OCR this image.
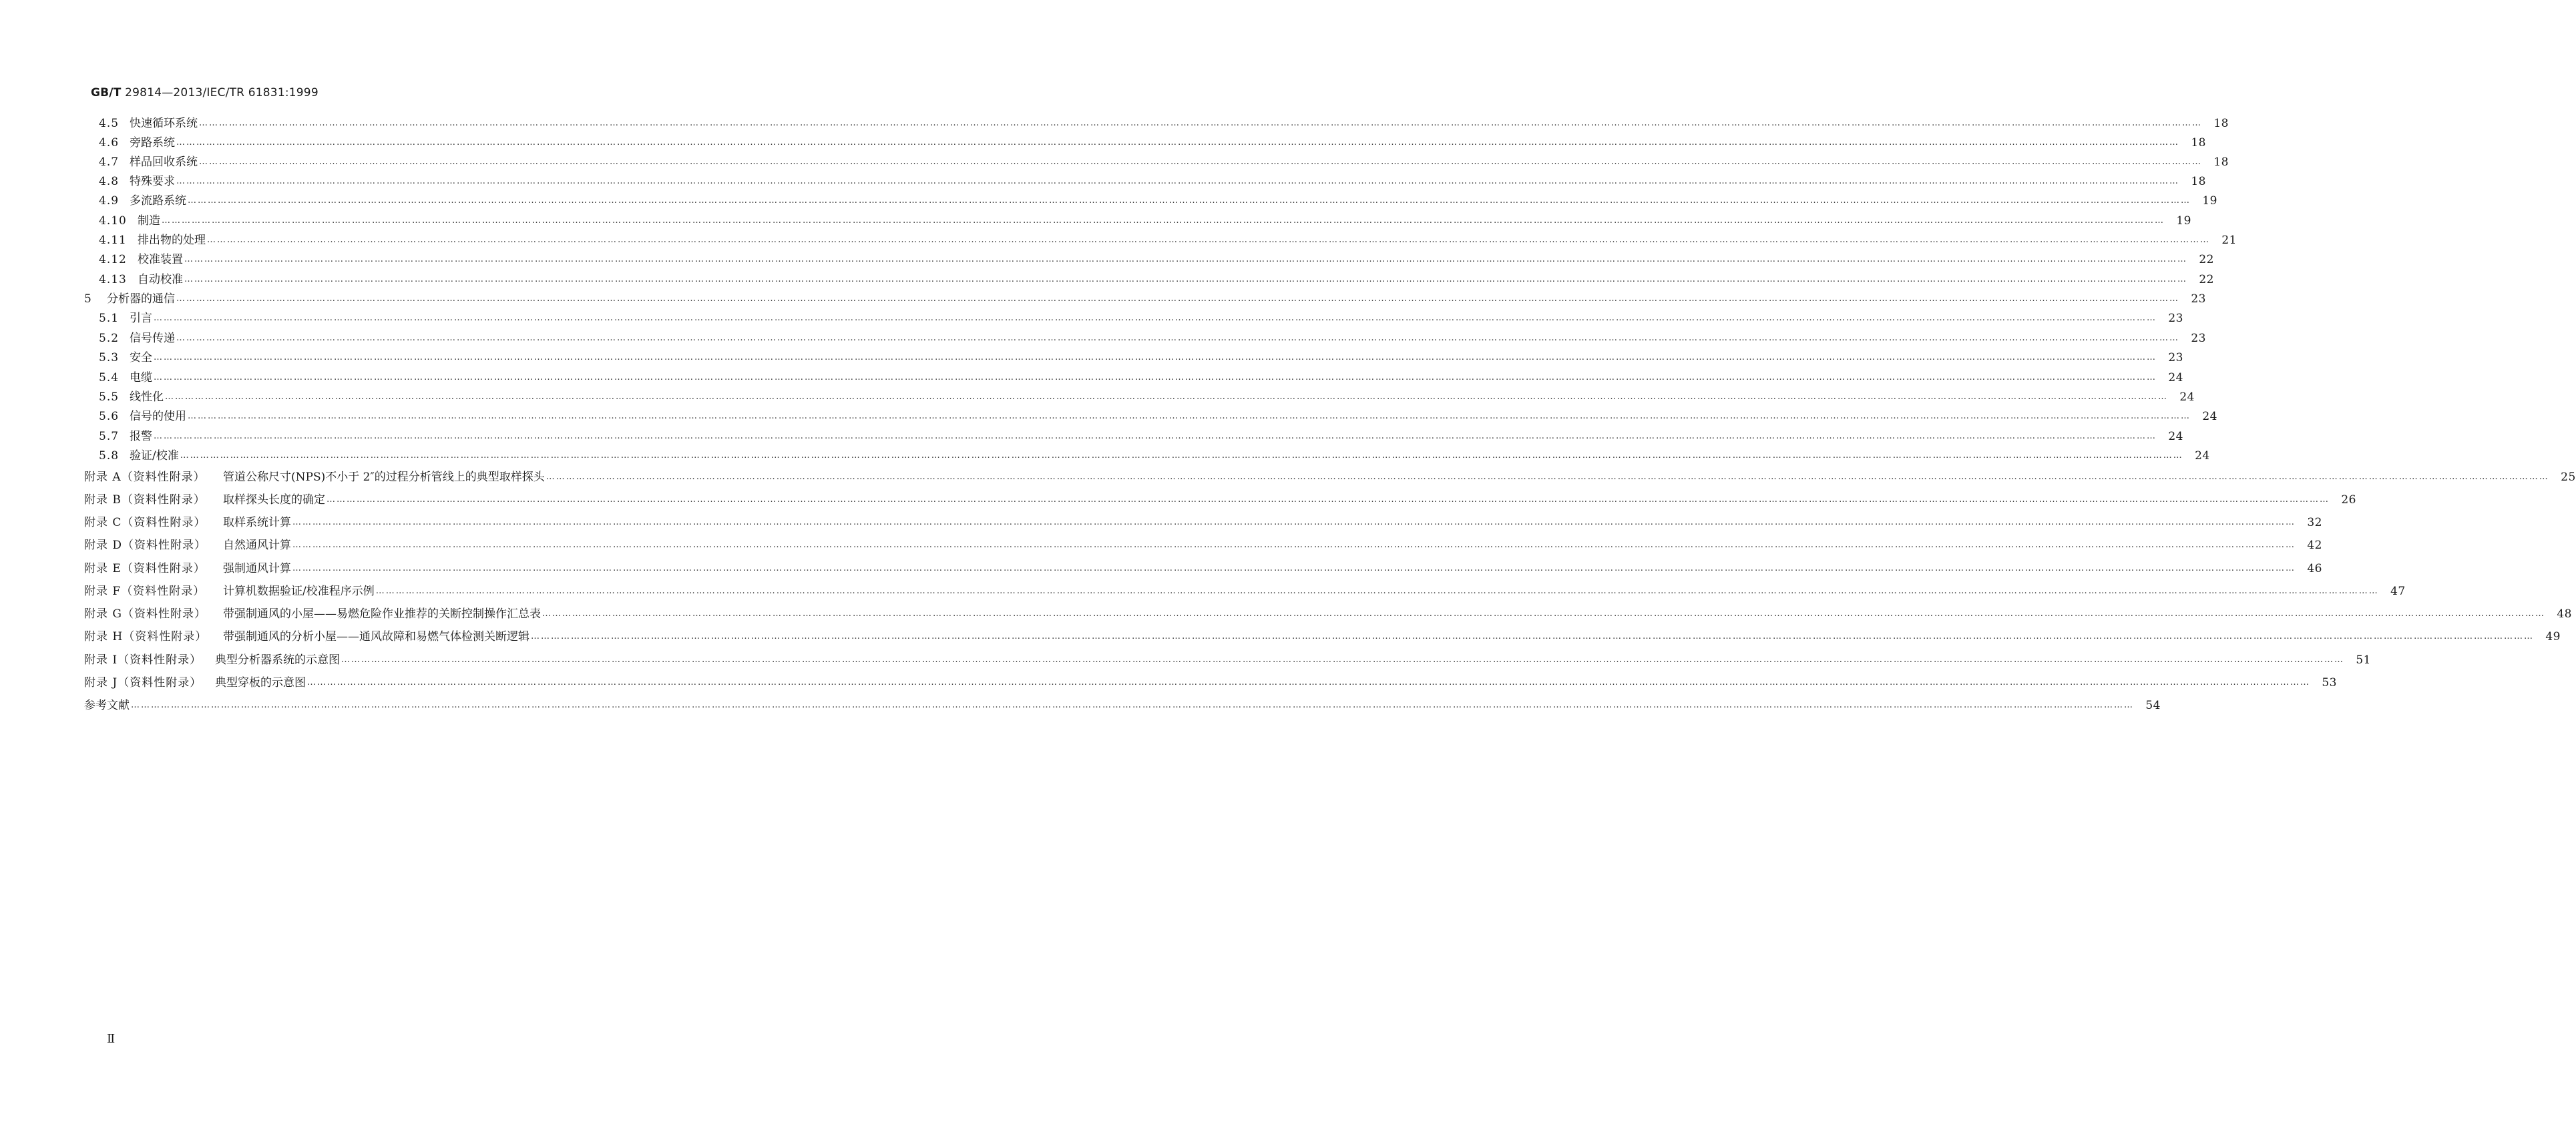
GB/T 29814—2013/IEC/TR 61831:1999
4.5 快速循环系统 ……………………………………………………………………………………………………………………………………………………………………………………………………………………………………………………………………………………………………………………………………………………………………………………………………………………………………………………………………………………………………………………………………………………	18
4.6 旁路系统 ……………………………………………………………………………………………………………………………………………………………………………………………………………………………………………………………………………………………………………………………………………………………………………………………………………………………………………………………………………………………………………………………………………………	18
4.7 样品回收系统 ……………………………………………………………………………………………………………………………………………………………………………………………………………………………………………………………………………………………………………………………………………………………………………………………………………………………………………………………………………………………………………………………………………………	18
4.8 特殊要求 ……………………………………………………………………………………………………………………………………………………………………………………………………………………………………………………………………………………………………………………………………………………………………………………………………………………………………………………………………………………………………………………………………………………	18
4.9 多流路系统 ……………………………………………………………………………………………………………………………………………………………………………………………………………………………………………………………………………………………………………………………………………………………………………………………………………………………………………………………………………………………………………………………………………………	19
4.10 制造 ……………………………………………………………………………………………………………………………………………………………………………………………………………………………………………………………………………………………………………………………………………………………………………………………………………………………………………………………………………………………………………………………………………………	19
4.11 排出物的处理 ……………………………………………………………………………………………………………………………………………………………………………………………………………………………………………………………………………………………………………………………………………………………………………………………………………………………………………………………………………………………………………………………………………………	21
4.12 校准装置 ……………………………………………………………………………………………………………………………………………………………………………………………………………………………………………………………………………………………………………………………………………………………………………………………………………………………………………………………………………………………………………………………………………………	22
4.13 自动校准 ……………………………………………………………………………………………………………………………………………………………………………………………………………………………………………………………………………………………………………………………………………………………………………………………………………………………………………………………………………………………………………………………………………………	22
5	分析器的通信 ……………………………………………………………………………………………………………………………………………………………………………………………………………………………………………………………………………………………………………………………………………………………………………………………………………………………………………………………………………………………………………………………………………………	23
5.1 引言 ……………………………………………………………………………………………………………………………………………………………………………………………………………………………………………………………………………………………………………………………………………………………………………………………………………………………………………………………………………………………………………………………………………………	23
5.2 信号传递 ……………………………………………………………………………………………………………………………………………………………………………………………………………………………………………………………………………………………………………………………………………………………………………………………………………………………………………………………………………………………………………………………………………………	23
5.3 安全 ……………………………………………………………………………………………………………………………………………………………………………………………………………………………………………………………………………………………………………………………………………………………………………………………………………………………………………………………………………………………………………………………………………………	23
5.4 电缆 ……………………………………………………………………………………………………………………………………………………………………………………………………………………………………………………………………………………………………………………………………………………………………………………………………………………………………………………………………………………………………………………………………………………	24
5.5 线性化 ……………………………………………………………………………………………………………………………………………………………………………………………………………………………………………………………………………………………………………………………………………………………………………………………………………………………………………………………………………………………………………………………………………………	24
5.6 信号的使用 ……………………………………………………………………………………………………………………………………………………………………………………………………………………………………………………………………………………………………………………………………………………………………………………………………………………………………………………………………………………………………………………………………………………	24
5.7 报警 ……………………………………………………………………………………………………………………………………………………………………………………………………………………………………………………………………………………………………………………………………………………………………………………………………………………………………………………………………………………………………………………………………………………	24
5.8 验证/校准 ……………………………………………………………………………………………………………………………………………………………………………………………………………………………………………………………………………………………………………………………………………………………………………………………………………………………………………………………………………………………………………………………………………………	24
附录 A（资料性附录）	管道公称尺寸(NPS)不小于 2″的过程分析管线上的典型取样探头 ……………………………………………………………………………………………………………………………………………………………………………………………………………………………………………………………………………………………………………………………………………………………………………………………………………………………………………………………………………………………………………………………………………………	25
附录 B（资料性附录）	取样探头长度的确定 ……………………………………………………………………………………………………………………………………………………………………………………………………………………………………………………………………………………………………………………………………………………………………………………………………………………………………………………………………………………………………………………………………………………	26
附录 C（资料性附录）	取样系统计算 ……………………………………………………………………………………………………………………………………………………………………………………………………………………………………………………………………………………………………………………………………………………………………………………………………………………………………………………………………………………………………………………………………………………	32
附录 D（资料性附录）	自然通风计算 ……………………………………………………………………………………………………………………………………………………………………………………………………………………………………………………………………………………………………………………………………………………………………………………………………………………………………………………………………………………………………………………………………………………	42
附录 E（资料性附录）	强制通风计算 ……………………………………………………………………………………………………………………………………………………………………………………………………………………………………………………………………………………………………………………………………………………………………………………………………………………………………………………………………………………………………………………………………………………	46
附录 F（资料性附录）	计算机数据验证/校准程序示例 ……………………………………………………………………………………………………………………………………………………………………………………………………………………………………………………………………………………………………………………………………………………………………………………………………………………………………………………………………………………………………………………………………………………	47
附录 G（资料性附录）	带强制通风的小屋——易燃危险作业推荐的关断控制操作汇总表 ……………………………………………………………………………………………………………………………………………………………………………………………………………………………………………………………………………………………………………………………………………………………………………………………………………………………………………………………………………………………………………………………………………………	48
附录 H（资料性附录）	带强制通风的分析小屋——通风故障和易燃气体检测关断逻辑 ……………………………………………………………………………………………………………………………………………………………………………………………………………………………………………………………………………………………………………………………………………………………………………………………………………………………………………………………………………………………………………………………………………………	49
附录 I（资料性附录）	典型分析器系统的示意图 ……………………………………………………………………………………………………………………………………………………………………………………………………………………………………………………………………………………………………………………………………………………………………………………………………………………………………………………………………………………………………………………………………………………	51
附录 J（资料性附录）	典型穿板的示意图 ……………………………………………………………………………………………………………………………………………………………………………………………………………………………………………………………………………………………………………………………………………………………………………………………………………………………………………………………………………………………………………………………………………………	53
参考文献 ……………………………………………………………………………………………………………………………………………………………………………………………………………………………………………………………………………………………………………………………………………………………………………………………………………………………………………………………………………………………………………………………………………………	54
Ⅱ
